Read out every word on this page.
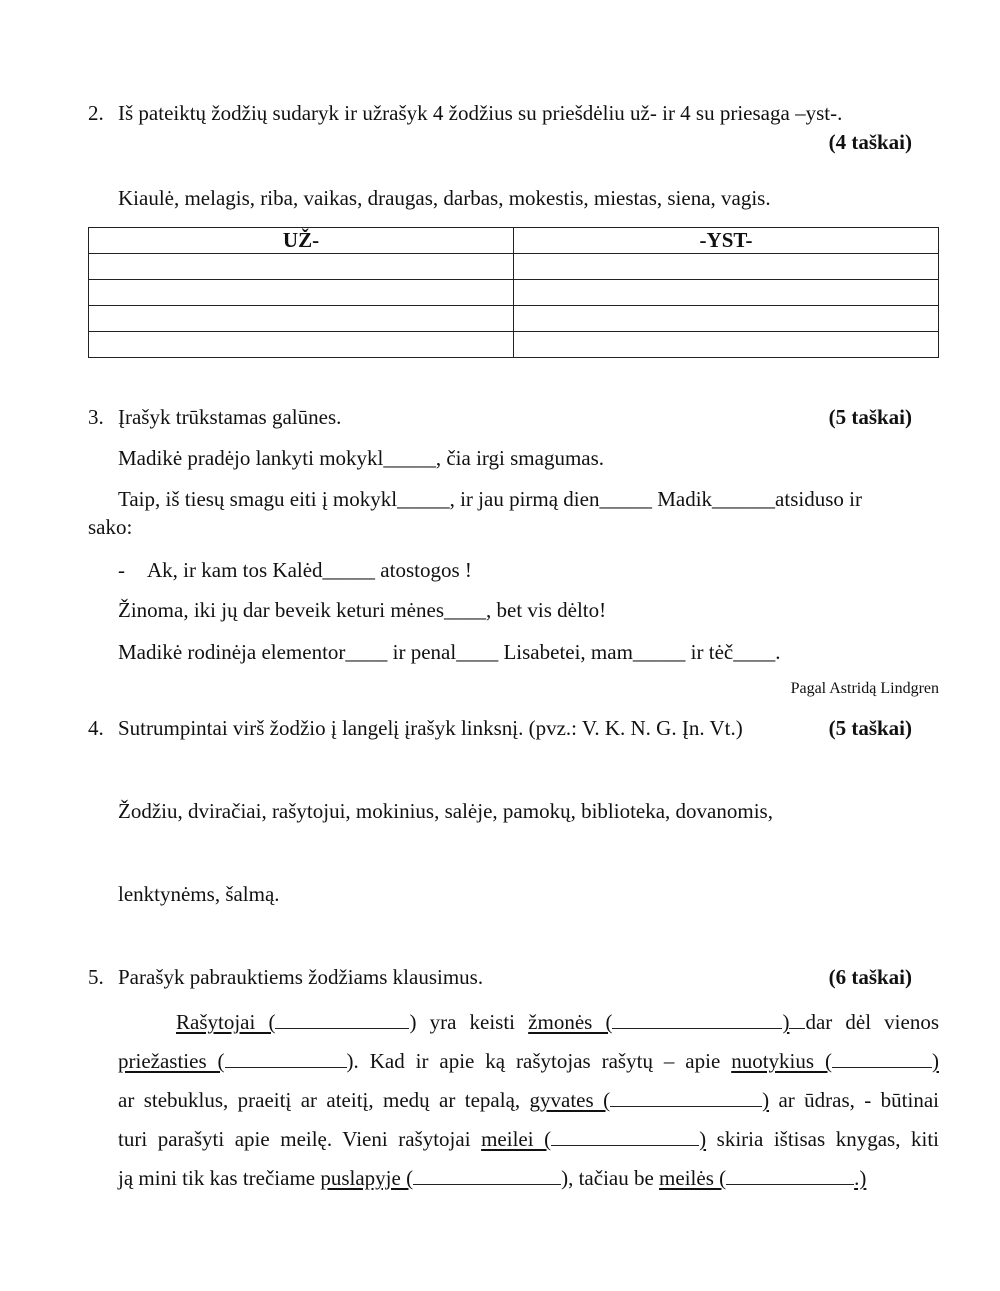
2. Iš pateiktų žodžių sudaryk ir užrašyk 4 žodžius su priešdėliu už- ir 4 su priesaga –yst-.
(4 taškai)
Kiaulė, melagis, riba, vaikas, draugas, darbas, mokestis, miestas, siena, vagis.
UŽ-	-YST-

3. Įrašyk trūkstamas galūnes.	(5 taškai)
Madikė pradėjo lankyti mokykl_____, čia irgi smagumas.
Taip, iš tiesų smagu eiti į mokykl_____, ir jau pirmą dien_____ Madik______atsiduso ir
sako:
- Ak, ir kam tos Kalėd_____ atostogos !
Žinoma, iki jų dar beveik keturi mėnes____, bet vis dėlto!
Madikė rodinėja elementor____ ir penal____ Lisabetei, mam_____ ir tėč____.
Pagal Astridą Lindgren
4. Sutrumpintai virš žodžio į langelį įrašyk linksnį. (pvz.: V. K. N. G. Įn. Vt.)	(5 taškai)
Žodžiu, dviračiai, rašytojui, mokinius, salėje, pamokų, biblioteka, dovanomis,
lenktynėms, šalmą.
5. Parašyk pabrauktiems žodžiams klausimus.	(6 taškai)
Rašytojai (	) yra keisti žmonės (	) dar dėl vienos
priežasties (	). Kad ir apie ką rašytojas rašytų – apie nuotykius (	)
ar stebuklus, praeitį ar ateitį, medų ar tepalą, gyvates (	) ar ūdras, - būtinai
turi parašyti apie meilę. Vieni rašytojai meilei (	) skiria ištisas knygas, kiti
ją mini tik kas trečiame puslapyje (	), tačiau be meilės (	.)
